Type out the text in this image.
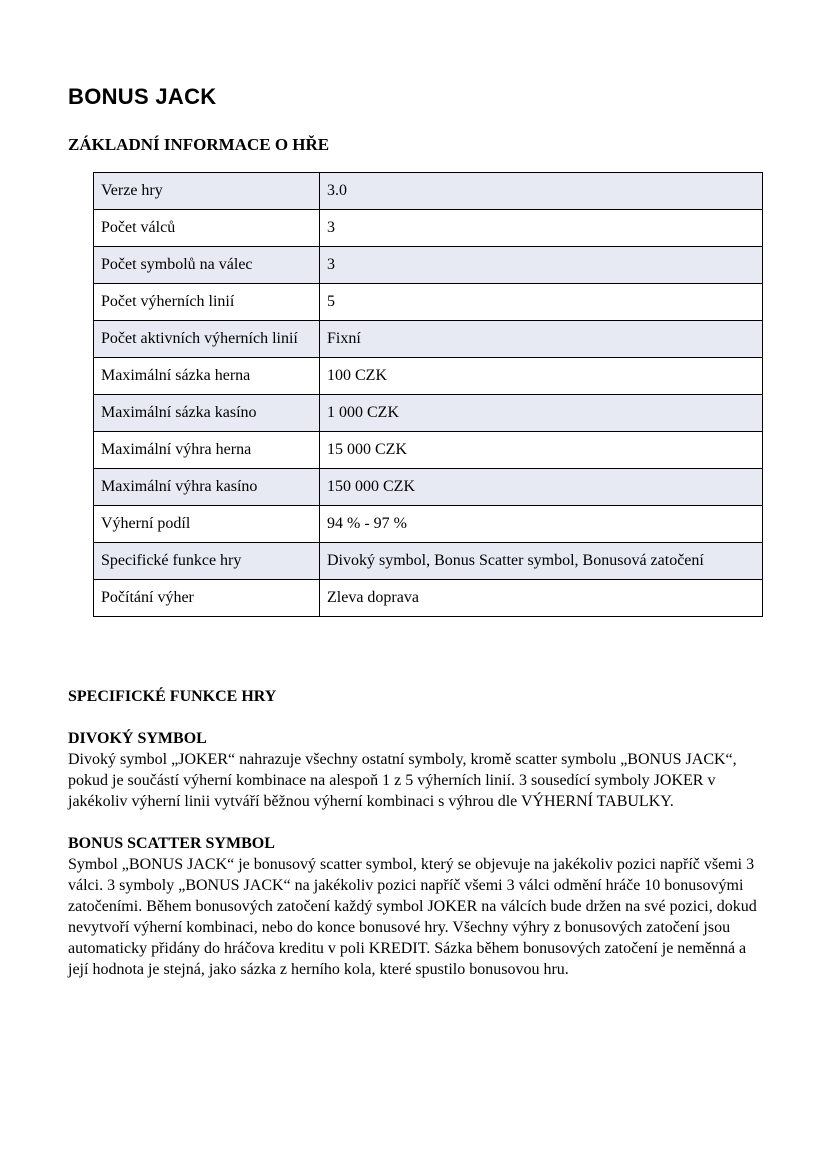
BONUS JACK
ZÁKLADNÍ INFORMACE O HŘE
Verze hry	3.0
Počet válců	3
Počet symbolů na válec	3
Počet výherních linií	5
Počet aktivních výherních linií	Fixní
Maximální sázka herna	100 CZK
Maximální sázka kasíno	1 000 CZK
Maximální výhra herna	15 000 CZK
Maximální výhra kasíno	150 000 CZK
Výherní podíl	94 % - 97 %
Specifické funkce hry	Divoký symbol, Bonus Scatter symbol, Bonusová zatočení
Počítání výher	Zleva doprava
SPECIFICKÉ FUNKCE HRY
DIVOKÝ SYMBOL

Divoký symbol „JOKER“ nahrazuje všechny ostatní symboly, kromě scatter symbolu „BONUS JACK“, pokud je součástí výherní kombinace na alespoň 1 z 5 výherních linií. 3 sousedící symboly JOKER v jakékoliv výherní linii vytváří běžnou výherní kombinaci s výhrou dle VÝHERNÍ TABULKY.

BONUS SCATTER SYMBOL

Symbol „BONUS JACK“ je bonusový scatter symbol, který se objevuje na jakékoliv pozici napříč všemi 3 válci. 3 symboly „BONUS JACK“ na jakékoliv pozici napříč všemi 3 válci odmění hráče 10 bonusovými zatočeními. Během bonusových zatočení každý symbol JOKER na válcích bude držen na své pozici, dokud nevytvoří výherní kombinaci, nebo do konce bonusové hry. Všechny výhry z bonusových zatočení jsou automaticky přidány do hráčova kreditu v poli KREDIT. Sázka během bonusových zatočení je neměnná a její hodnota je stejná, jako sázka z herního kola, které spustilo bonusovou hru.
